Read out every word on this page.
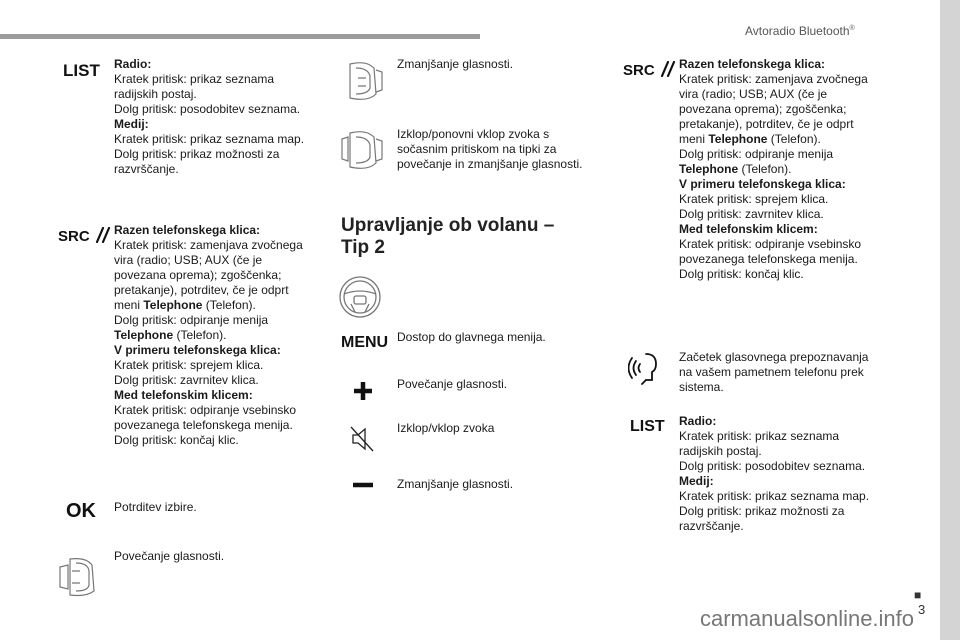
Avtoradio Bluetooth®
LIST Radio:
Kratek pritisk: prikaz seznama
radijskih postaj.
Dolg pritisk: posodobitev seznama.
Medij:
Kratek pritisk: prikaz seznama map.
Dolg pritisk: prikaz možnosti za
razvrščanje.
SRC	Razen telefonskega klica:
Kratek pritisk: zamenjava zvočnega
vira (radio; USB; AUX (če je
povezana oprema); zgoščenka;
pretakanje), potrditev, če je odprt
meni Telephone (Telefon).
Dolg pritisk: odpiranje menija
Telephone (Telefon).
V primeru telefonskega klica:
Kratek pritisk: sprejem klica.
Dolg pritisk: zavrnitev klica.
Med telefonskim klicem:
Kratek pritisk: odpiranje vsebinsko
povezanega telefonskega menija.
Dolg pritisk: končaj klic.
OK Potrditev izbire.
Povečanje glasnosti.
Zmanjšanje glasnosti.
Izklop/ponovni vklop zvoka s
sočasnim pritiskom na tipki za
povečanje in zmanjšanje glasnosti.
Upravljanje ob volanu –
Tip 2
MENU Dostop do glavnega menija.
Povečanje glasnosti.
Izklop/vklop zvoka
Zmanjšanje glasnosti.
SRC	Razen telefonskega klica:
Kratek pritisk: zamenjava zvočnega
vira (radio; USB; AUX (če je
povezana oprema); zgoščenka;
pretakanje), potrditev, če je odprt
meni Telephone (Telefon).
Dolg pritisk: odpiranje menija
Telephone (Telefon).
V primeru telefonskega klica:
Kratek pritisk: sprejem klica.
Dolg pritisk: zavrnitev klica.
Med telefonskim klicem:
Kratek pritisk: odpiranje vsebinsko
povezanega telefonskega menija.
Dolg pritisk: končaj klic.
Začetek glasovnega prepoznavanja
na vašem pametnem telefonu prek
sistema.
LIST Radio:
Kratek pritisk: prikaz seznama
radijskih postaj.
Dolg pritisk: posodobitev seznama.
Medij:
Kratek pritisk: prikaz seznama map.
Dolg pritisk: prikaz možnosti za
razvrščanje.
■
3
carmanualsonline.info
